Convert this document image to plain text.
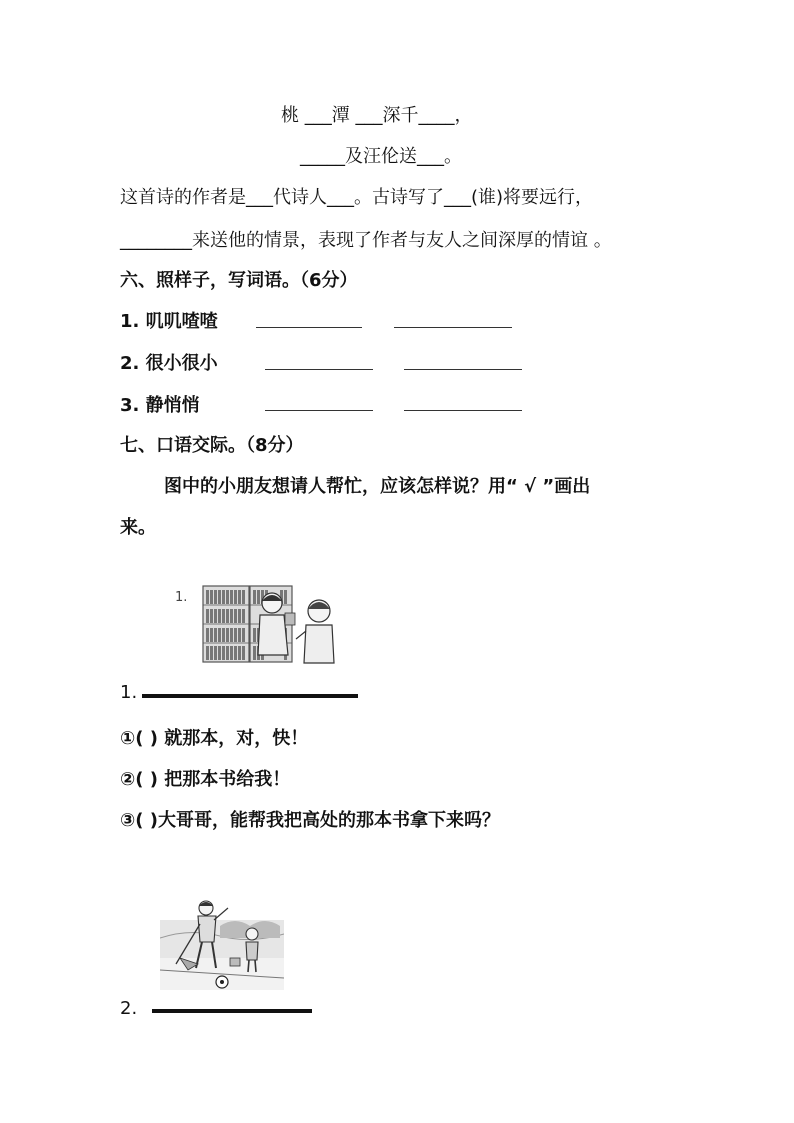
桃 ___潭 ___深千____，
_____及汪伦送___。
这首诗的作者是___代诗人___。古诗写了___(谁)将要远行，
________来送他的情景，表现了作者与友人之间深厚的情谊 。
六、照样子，写词语。（6分）
1. 叽叽喳喳
2. 很小很小
3. 静悄悄
七、口语交际。（8分）
图中的小朋友想请人帮忙，应该怎样说？用“ √ ”画出
来。
1.
1.
①( ) 就那本，对，快！
②( ) 把那本书给我！
③( )大哥哥，能帮我把高处的那本书拿下来吗？
2.
